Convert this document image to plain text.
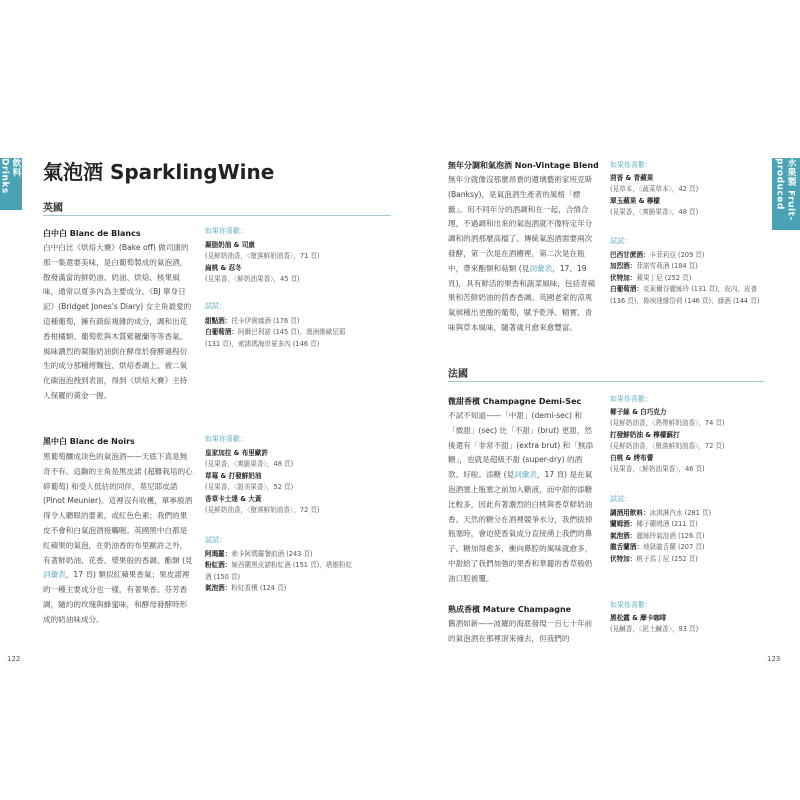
飲料 Drinks	水果製 Fruit-produced
氣泡酒 SparklingWine
英國
白中白 Blanc de Blancs
白中白比《烘焙大賽》(Bake off) 做司康的那一集還要美味，是白葡萄製成的氣泡酒，散發滿當的鮮奶油、奶油、烘焙、核果風味，通常以夏多內為主要成分。《BJ 單身日記》(Bridget Jones's Diary) 女主角最愛的這種葡萄，擁有錯綜複雜的成分，調和出花香柑橘類、葡萄乾與木質紫羅蘭等等香氣。風味濃烈的凝脂奶油倒在酵母於發酵過程衍生的成分那種烤麵包、烘焙香調上，被二氧化碳泡泡拽到表面，得到《烘焙大賽》主持人保羅的黃金一握。
如果你喜歡：
凝脂奶油 & 司康
(見鮮奶油香，〈墮落鮮奶油香〉，71 頁)
扁桃 & 忍冬
(見果香，〈鮮奶油果香〉，45 頁)
試試：
甜點酒：托卡伊貴腐酒 (176 頁)
白葡萄酒：阿爾巴利諾 (145 頁)，澳洲維歐尼耶 (131 頁)，索諾瑪海岸夏多內 (146 頁)
黑中白 Blanc de Noirs
黑葡萄釀成淡色的氣泡酒——天底下真是無奇不有。這齣的主角是黑皮諾 (超難栽培的心碎葡萄) 和受人低估的同伴，莫尼耶皮諾 (Pinot Meunier)。這裡沒有收穫，單寧殷酒得令人聽眼的要素，或紅色色素；我們的果皮不會和白氣泡酒接觸喔。英國黑中白都是紅蘋果的氣泡，在奶油香的布里歐許之外，有著鮮奶油、花香、漿果般的香調。酯類 (見詞彙表，17 頁) 類似紅蘋果香氣；果皮諾裡的一種主要成分也一樣，有著果香、芬芳香調，隨約的玫瑰與蜂蜜味，和酵母發酵時形成的奶油味成分。
如果你喜歡：
皇家加拉 & 布里歐許
(見果香，〈爽脆果香〉，48 頁)
草莓 & 打發鮮奶油
(見果香，〈甜美果香〉，52 頁)
香草卡士達 & 大黃
(見鮮奶油香，〈墮落鮮奶油香〉，72 頁)
試試：
阿瑪羅：索卡阿瑪羅餐前酒 (243 頁)
粉紅酒：姬西蘭黑皮諾粉紅酒 (151 頁)，塔維粉紅酒 (150 頁)
氣泡酒：粉紅香檳 (124 頁)
122
無年分調和氣泡酒 Non-Vintage Blend
無年分就像沒那麼昂貴的遺璃藝術家班克斯 (Banksy)，是氣泡酒生產者的風格「標籤」。用不同年分的酒調和在一起，合情合理，不過調和出來的氣泡酒就不像特定年分調和的酒那麼高檔了。傳統氣泡酒需要兩次發酵，第一次是在酒槽裡，第二次是在瓶中，帶來酯類和萜類 (見詞彙表，17、19 頁)，具有鮮活的果香和蔬菜風味，包括青蘋果和苦鮮奶油的茴香香調。英國老家的涼爽氣候種出更酸的葡萄，賦予乾淨、精實、青味與草本風味，隨著歲月愈來愈豐富。
如果你喜歡：
茴香 & 青蘋果
(見草本，〈蔬菜草本〉，42 頁)
翠玉蘋果 & 檸檬
(見果香，〈爽脆果香〉，48 頁)
試試：
巴西甘蔗酒：卡菲莉亞 (209 頁)
加烈酒：菲諾雪莉酒 (184 頁)
伏特加：蘋果丁尼 (252 頁)
白葡萄酒：克萊爾谷麗絲玲 (131 頁)，皮內，皮普 (136 頁)，魯埃達維岱荷 (146 頁)，綠酒 (144 頁)
法國
微甜香檳 Champagne Demi-Sec
不試不知道——「中甜」(demi-sec) 和「微甜」(sec) 比「不甜」(brut) 更甜，然後還有「非常不甜」(extra brut) 和「無添糖」，也就是超級不甜 (super-dry) 的酒款。好啦。添糖 (見詞彙表，17 頁) 是在氣泡酒塞上瓶塞之前加入糖液，而中甜的添糖比較多，因此有著濃烈的白桃與香草鮮奶油香。天然的糖分在酒裡競爭水分，我們拔掉瓶塞時，會迫使香氣成分直接湧上我們的鼻子。糖加得愈多，衝向鼻腔的風味就愈多，中甜給了我們加強的果香和華麗的香草般奶油口腔被覆。
如果你喜歡：
椰子絲 & 白巧克力
(見鮮奶油香，〈熱帶鮮奶油香〉，74 頁)
打發鮮奶油 & 檸檬蘇打
(見鮮奶油香，〈墮落鮮奶油香〉，72 頁)
白桃 & 烤布蕾
(見果香，〈鮮奶油果香〉，46 頁)
試試：
調酒用飲料：冰淇淋汽水 (281 頁)
蘭姆酒：椰子蘭姆酒 (211 頁)
氣泡酒：麗絲玲氣泡酒 (126 頁)
龍舌蘭酒：地獄龍舌蘭 (207 頁)
伏特加：桃子馬丁尼 (252 頁)
熟成香檳 Mature Champagne
舊酒如新——波羅的海底發現一百七十年前的氣泡酒在那裡滾來撞去，但我們的
如果你喜歡：
黑松露 & 摩卡咖啡
(見鹹香，〈泥土鹹香〉，93 頁)
123
